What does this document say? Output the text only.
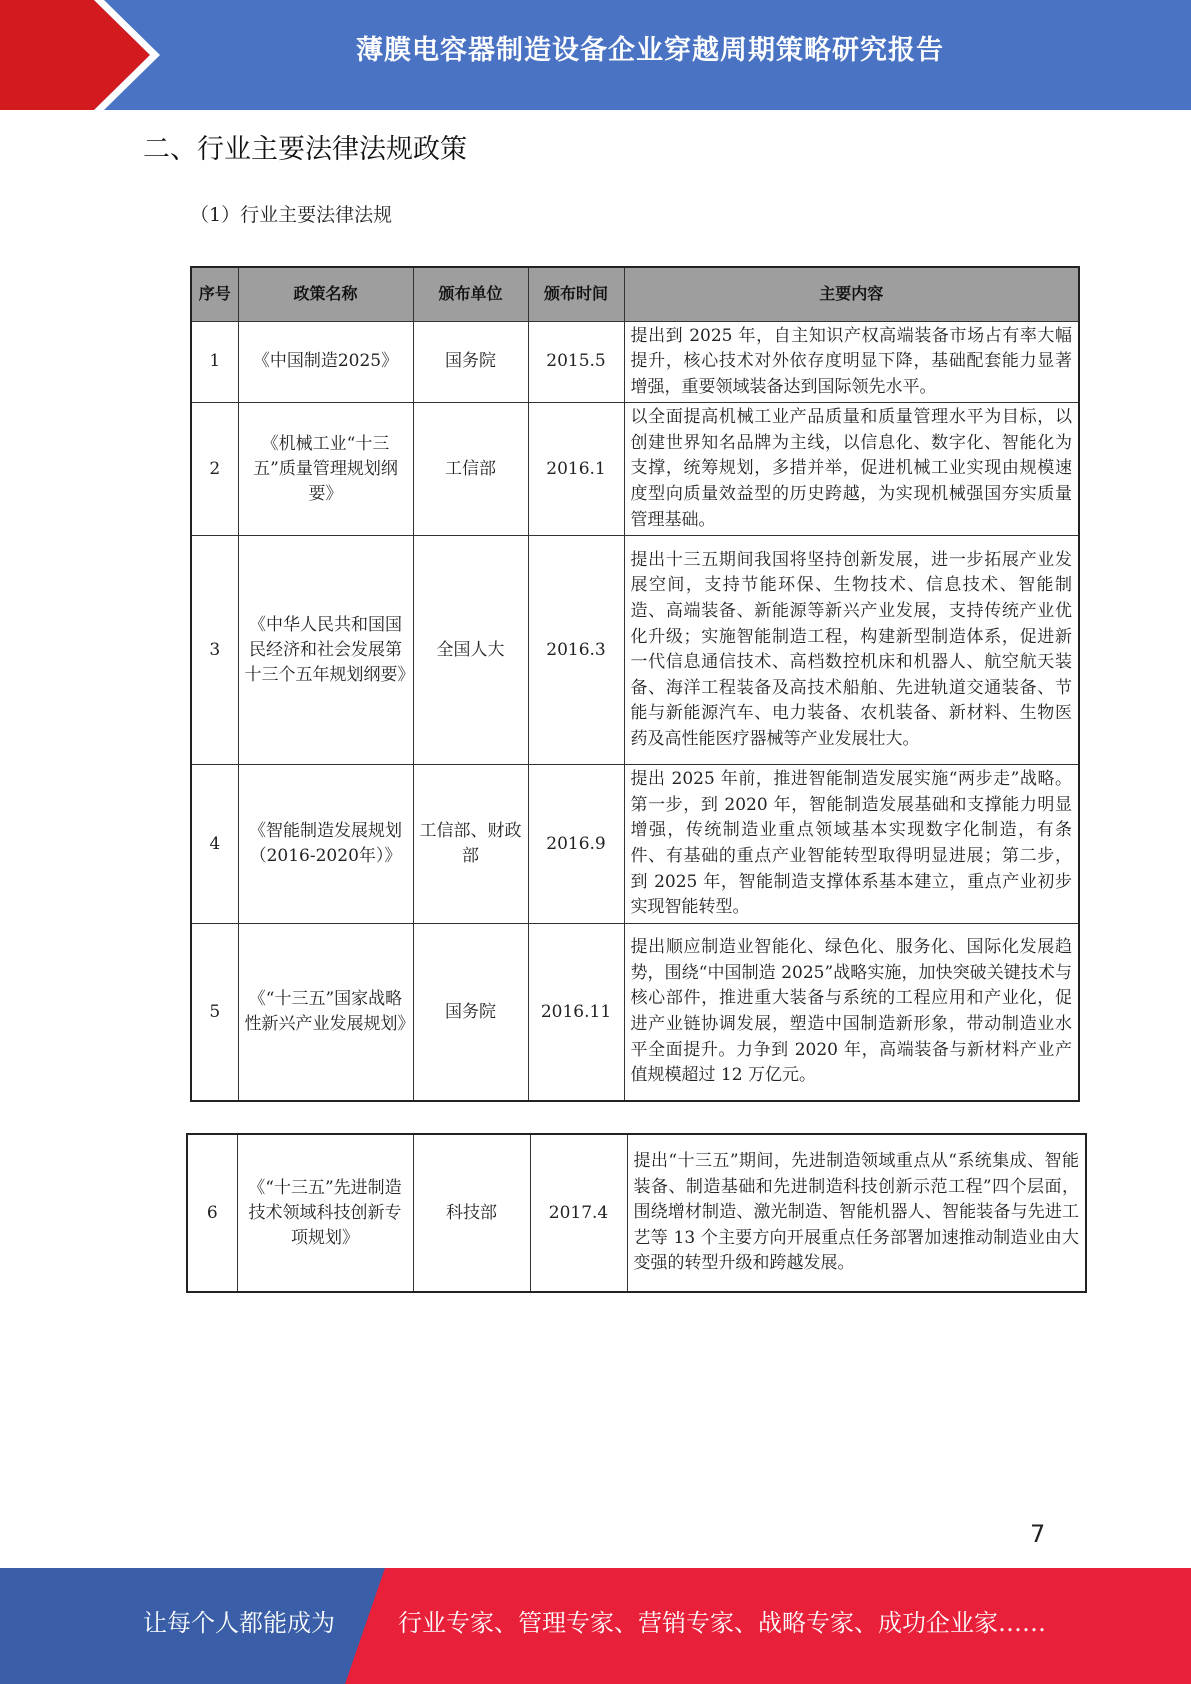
薄膜电容器制造设备企业穿越周期策略研究报告
二、行业主要法律法规政策
（1）行业主要法律法规
序号	政策名称	颁布单位	颁布时间	主要内容
1	《中国制造2025》	国务院	2015.5	提出到 2025 年，自主知识产权高端装备市场占有率大幅提升，核心技术对外依存度明显下降，基础配套能力显著增强，重要领域装备达到国际领先水平。
2	《机械工业“十三五”质量管理规划纲要》	工信部	2016.1	以全面提高机械工业产品质量和质量管理水平为目标，以创建世界知名品牌为主线，以信息化、数字化、智能化为支撑，统筹规划，多措并举，促进机械工业实现由规模速度型向质量效益型的历史跨越，为实现机械强国夯实质量管理基础。
3	《中华人民共和国国民经济和社会发展第十三个五年规划纲要》	全国人大	2016.3	提出十三五期间我国将坚持创新发展，进一步拓展产业发展空间，支持节能环保、生物技术、信息技术、智能制造、高端装备、新能源等新兴产业发展，支持传统产业优化升级；实施智能制造工程，构建新型制造体系，促进新一代信息通信技术、高档数控机床和机器人、航空航天装备、海洋工程装备及高技术船舶、先进轨道交通装备、节能与新能源汽车、电力装备、农机装备、新材料、生物医药及高性能医疗器械等产业发展壮大。
4	《智能制造发展规划（2016-2020年）》	工信部、财政部	2016.9	提出 2025 年前，推进智能制造发展实施“两步走”战略。第一步，到 2020 年，智能制造发展基础和支撑能力明显增强，传统制造业重点领域基本实现数字化制造，有条件、有基础的重点产业智能转型取得明显进展；第二步，到 2025 年，智能制造支撑体系基本建立，重点产业初步实现智能转型。
5	《“十三五”国家战略性新兴产业发展规划》	国务院	2016.11	提出顺应制造业智能化、绿色化、服务化、国际化发展趋势，围绕“中国制造 2025”战略实施，加快突破关键技术与核心部件，推进重大装备与系统的工程应用和产业化，促进产业链协调发展，塑造中国制造新形象，带动制造业水平全面提升。力争到 2020 年，高端装备与新材料产业产值规模超过 12 万亿元。
6	《“十三五”先进制造技术领域科技创新专项规划》	科技部	2017.4	提出“十三五”期间，先进制造领域重点从“系统集成、智能装备、制造基础和先进制造科技创新示范工程”四个层面，围绕增材制造、激光制造、智能机器人、智能装备与先进工艺等 13 个主要方向开展重点任务部署加速推动制造业由大变强的转型升级和跨越发展。
7
让每个人都能成为	行业专家、管理专家、营销专家、战略专家、成功企业家……
